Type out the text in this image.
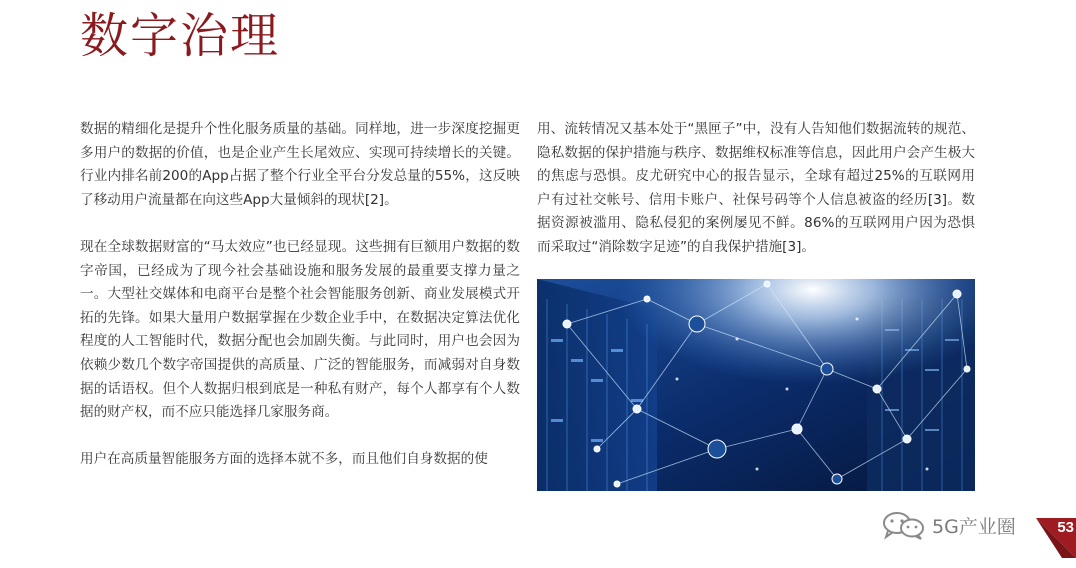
数字治理

数据的精细化是提升个性化服务质量的基础。同样地，进一步深度挖掘更多用户的数据的价值，也是企业产生长尾效应、实现可持续增长的关键。行业内排名前200的App占据了整个行业全平台分发总量的55%，这反映了移动用户流量都在向这些App大量倾斜的现状[2]。

现在全球数据财富的“马太效应”也已经显现。这些拥有巨额用户数据的数字帝国，已经成为了现今社会基础设施和服务发展的最重要支撑力量之一。大型社交媒体和电商平台是整个社会智能服务创新、商业发展模式开拓的先锋。如果大量用户数据掌握在少数企业手中，在数据决定算法优化程度的人工智能时代，数据分配也会加剧失衡。与此同时，用户也会因为依赖少数几个数字帝国提供的高质量、广泛的智能服务，而减弱对自身数据的话语权。但个人数据归根到底是一种私有财产，每个人都享有个人数据的财产权，而不应只能选择几家服务商。

用户在高质量智能服务方面的选择本就不多，而且他们自身数据的使

用、流转情况又基本处于“黑匣子”中，没有人告知他们数据流转的规范、隐私数据的保护措施与秩序、数据维权标准等信息，因此用户会产生极大的焦虑与恐惧。皮尤研究中心的报告显示，全球有超过25%的互联网用户有过社交帐号、信用卡账户、社保号码等个人信息被盗的经历[3]。数据资源被滥用、隐私侵犯的案例屡见不鲜。86%的互联网用户因为恐惧而采取过“消除数字足迹”的自我保护措施[3]。

5G产业圈	53
